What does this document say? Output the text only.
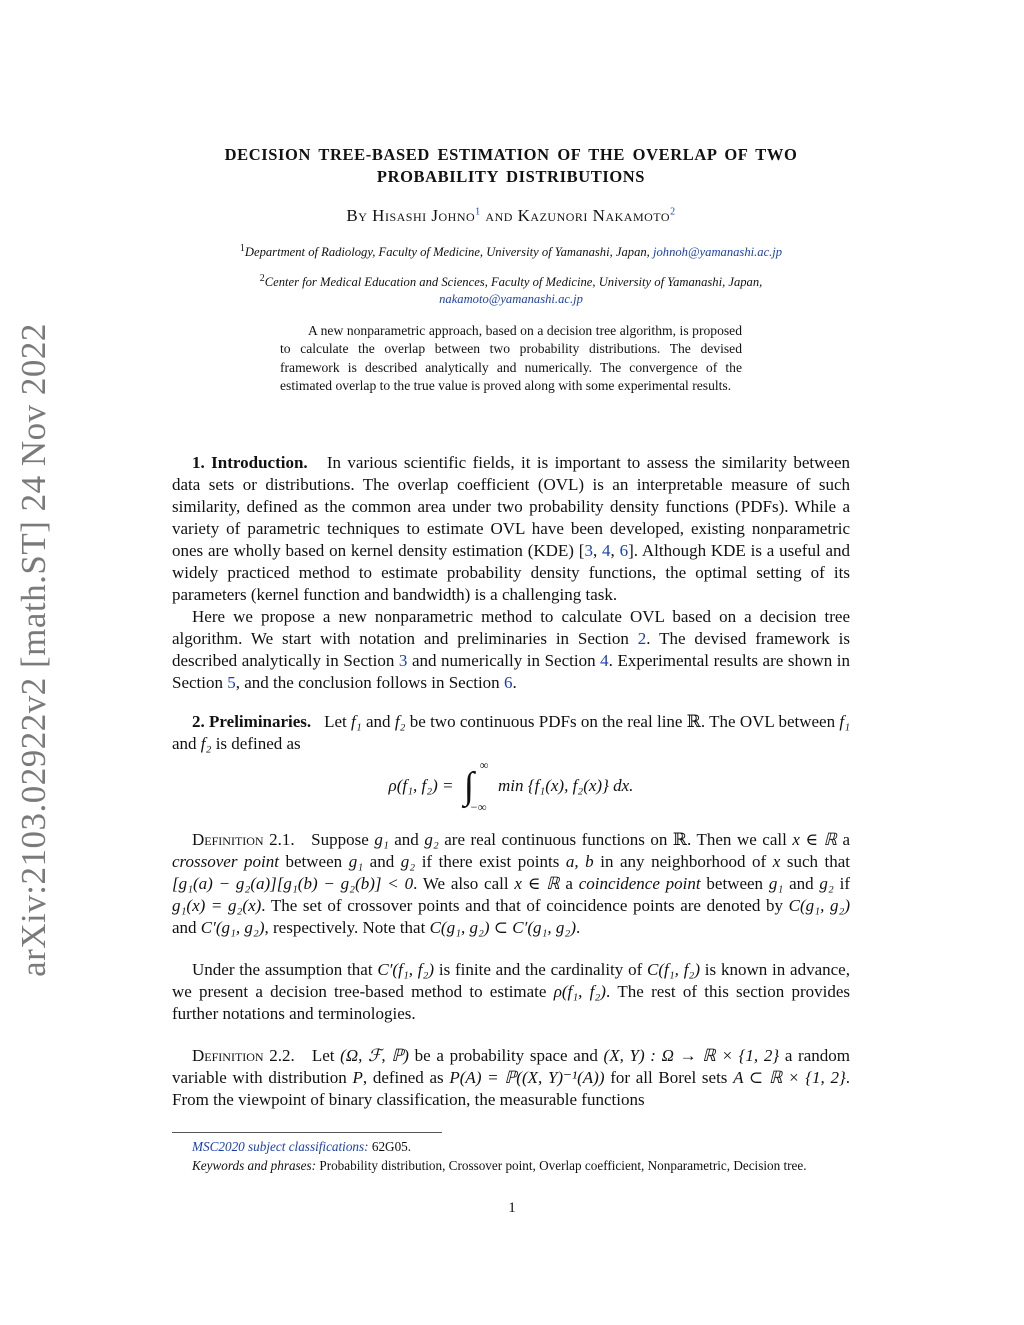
arXiv:2103.02922v2 [math.ST] 24 Nov 2022
DECISION TREE-BASED ESTIMATION OF THE OVERLAP OF TWO
PROBABILITY DISTRIBUTIONS
By Hisashi Johno$^1$ and Kazunori Nakamoto$^2$
$^1$Department of Radiology, Faculty of Medicine, University of Yamanashi, Japan, johnoh@yamanashi.ac.jp
$^2$Center for Medical Education and Sciences, Faculty of Medicine, University of Yamanashi, Japan,
nakamoto@yamanashi.ac.jp

A new nonparametric approach, based on a decision tree algorithm, is proposed to calculate the overlap between two probability distributions. The devised framework is described analytically and numerically. The convergence of the estimated overlap to the true value is proved along with some experimental results.

1. Introduction. In various scientific fields, it is important to assess the similarity between data sets or distributions. The overlap coefficient (OVL) is an interpretable measure of such similarity, defined as the common area under two probability density functions (PDFs). While a variety of parametric techniques to estimate OVL have been developed, existing nonparametric ones are wholly based on kernel density estimation (KDE) [3, 4, 6]. Although KDE is a useful and widely practiced method to estimate probability density functions, the optimal setting of its parameters (kernel function and bandwidth) is a challenging task.

Here we propose a new nonparametric method to calculate OVL based on a decision tree algorithm. We start with notation and preliminaries in Section 2. The devised framework is described analytically in Section 3 and numerically in Section 4. Experimental results are shown in Section 5, and the conclusion follows in Section 6.

2. Preliminaries. Let f₁ and f₂ be two continuous PDFs on the real line ℝ. The OVL between f₁ and f₂ is defined as

ρ(f₁, f₂) = ∫ ∞
−∞
min {f₁(x), f₂(x)} dx.

Definition 2.1. Suppose g₁ and g₂ are real continuous functions on ℝ. Then we call x ∈ ℝ a crossover point between g₁ and g₂ if there exist points a, b in any neighborhood of x such that [g₁(a) − g₂(a)][g₁(b) − g₂(b)] < 0. We also call x ∈ ℝ a coincidence point between g₁ and g₂ if g₁(x) = g₂(x). The set of crossover points and that of coincidence points are denoted by C(g₁, g₂) and C′(g₁, g₂), respectively. Note that C(g₁, g₂) ⊂ C′(g₁, g₂).

Under the assumption that C′(f₁, f₂) is finite and the cardinality of C(f₁, f₂) is known in advance, we present a decision tree-based method to estimate ρ(f₁, f₂). The rest of this section provides further notations and terminologies.

Definition 2.2. Let (Ω, ℱ, ℙ) be a probability space and (X, Y) : Ω → ℝ × {1, 2} a random variable with distribution P, defined as P(A) = ℙ((X, Y)⁻¹(A)) for all Borel sets A ⊂ ℝ × {1, 2}. From the viewpoint of binary classification, the measurable functions

MSC2020 subject classifications: 62G05.

Keywords and phrases: Probability distribution, Crossover point, Overlap coefficient, Nonparametric, Decision tree.

1
